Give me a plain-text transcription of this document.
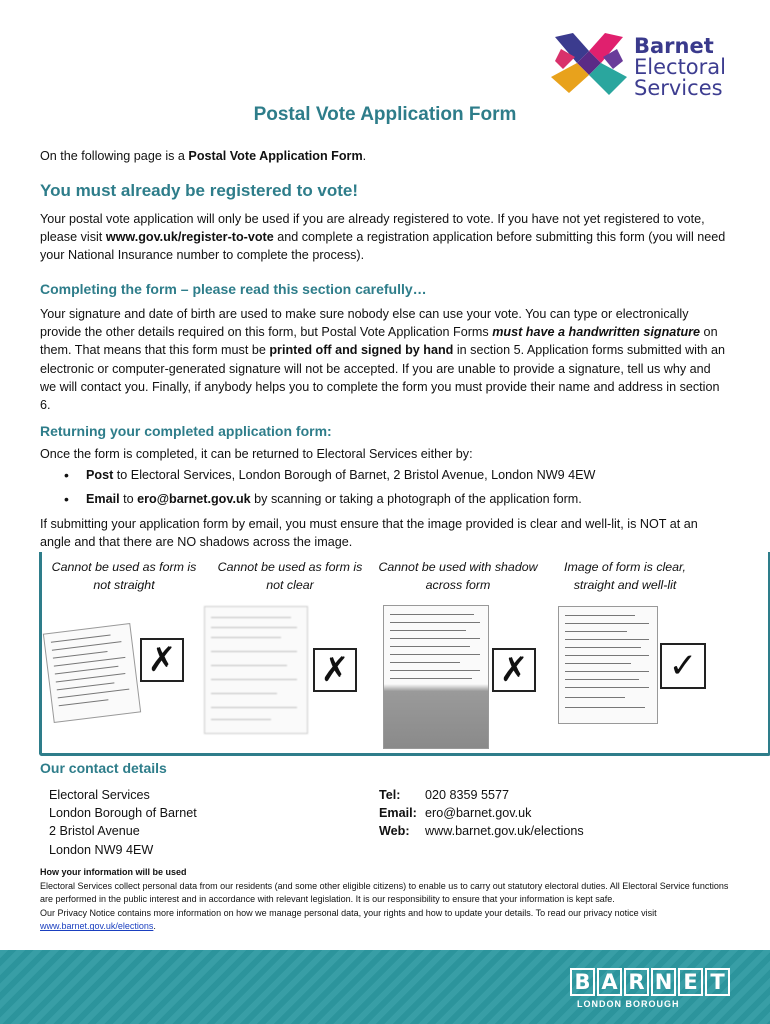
Barnet
Electoral
Services
Postal Vote Application Form
On the following page is a Postal Vote Application Form.
You must already be registered to vote!
Your postal vote application will only be used if you are already registered to vote. If you have not yet registered to vote, please visit www.gov.uk/register-to-vote and complete a registration application before submitting this form (you will need your National Insurance number to complete the process).
Completing the form – please read this section carefully…
Your signature and date of birth are used to make sure nobody else can use your vote. You can type or electronically provide the other details required on this form, but Postal Vote Application Forms must have a handwritten signature on them. That means that this form must be printed off and signed by hand in section 5. Application forms submitted with an electronic or computer-generated signature will not be accepted. If you are unable to provide a signature, tell us why and we will contact you. Finally, if anybody helps you to complete the form you must provide their name and address in section 6.
Returning your completed application form:
Once the form is completed, it can be returned to Electoral Services either by:
• Post to Electoral Services, London Borough of Barnet, 2 Bristol Avenue, London NW9 4EW
• Email to ero@barnet.gov.uk by scanning or taking a photograph of the application form.
If submitting your application form by email, you must ensure that the image provided is clear and well-lit, is NOT at an angle and that there are NO shadows across the image.
Cannot be used as form is not straight
Cannot be used as form is not clear
Cannot be used with shadow across form
Image of form is clear, straight and well-lit
✗	✗	✗	✓
Our contact details
Electoral Services
London Borough of Barnet
2 Bristol Avenue
London NW9 4EW
Tel: 020 8359 5577
Email: ero@barnet.gov.uk
Web: www.barnet.gov.uk/elections
How your information will be used
Electoral Services collect personal data from our residents (and some other eligible citizens) to enable us to carry out statutory electoral duties. All Electoral Service functions are performed in the public interest and in accordance with relevant legislation. It is our responsibility to ensure that your information is kept safe.
Our Privacy Notice contains more information on how we manage personal data, your rights and how to update your details. To read our privacy notice visit www.barnet.gov.uk/elections.
B A R N E T
LONDON BOROUGH
